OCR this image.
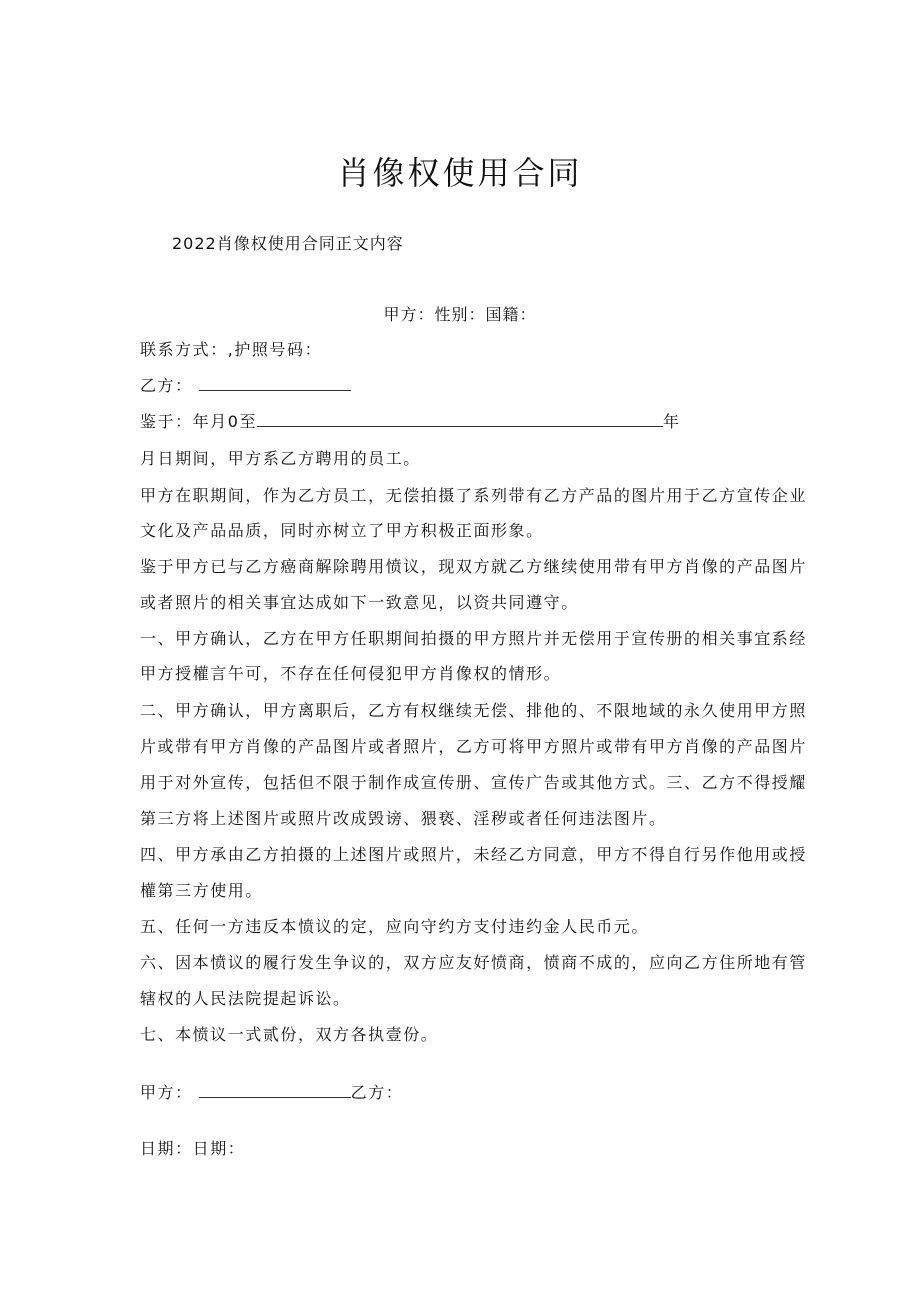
肖像权使用合同
2022肖像权使用合同正文内容
甲方：性别：国籍：
联系方式：,护照号码：
乙方：
鉴于：年月0至	年
月日期间，甲方系乙方聘用的员工。
甲方在职期间，作为乙方员工，无偿拍摄了系列带有乙方产品的图片用于乙方宣传企业
文化及产品品质，同时亦树立了甲方积极正面形象。
鉴于甲方已与乙方癌商解除聘用愤议，现双方就乙方继续使用带有甲方肖像的产品图片
或者照片的相关事宜达成如下一致意见，以资共同遵守。
一、甲方确认，乙方在甲方任职期间拍摄的甲方照片并无偿用于宣传册的相关事宜系经
甲方授權言午可，不存在任何侵犯甲方肖像权的情形。
二、甲方确认，甲方离职后，乙方有权继续无偿、排他的、不限地域的永久使用甲方照
片或带有甲方肖像的产品图片或者照片，乙方可将甲方照片或带有甲方肖像的产品图片
用于对外宣传，包括但不限于制作成宣传册、宣传广告或其他方式。三、乙方不得授耀
第三方将上述图片或照片改成毁谤、猥亵、淫秽或者任何违法图片。
四、甲方承由乙方拍摄的上述图片或照片，未经乙方同意，甲方不得自行另作他用或授
權第三方使用。
五、任何一方违反本愤议的定，应向守约方支付违约金人民币元。
六、因本愤议的履行发生争议的，双方应友好愤商，愤商不成的，应向乙方住所地有管
辖权的人民法院提起诉讼。
七、本愤议一式贰份，双方各执壹份。
甲方：	乙方：
日期：日期：
